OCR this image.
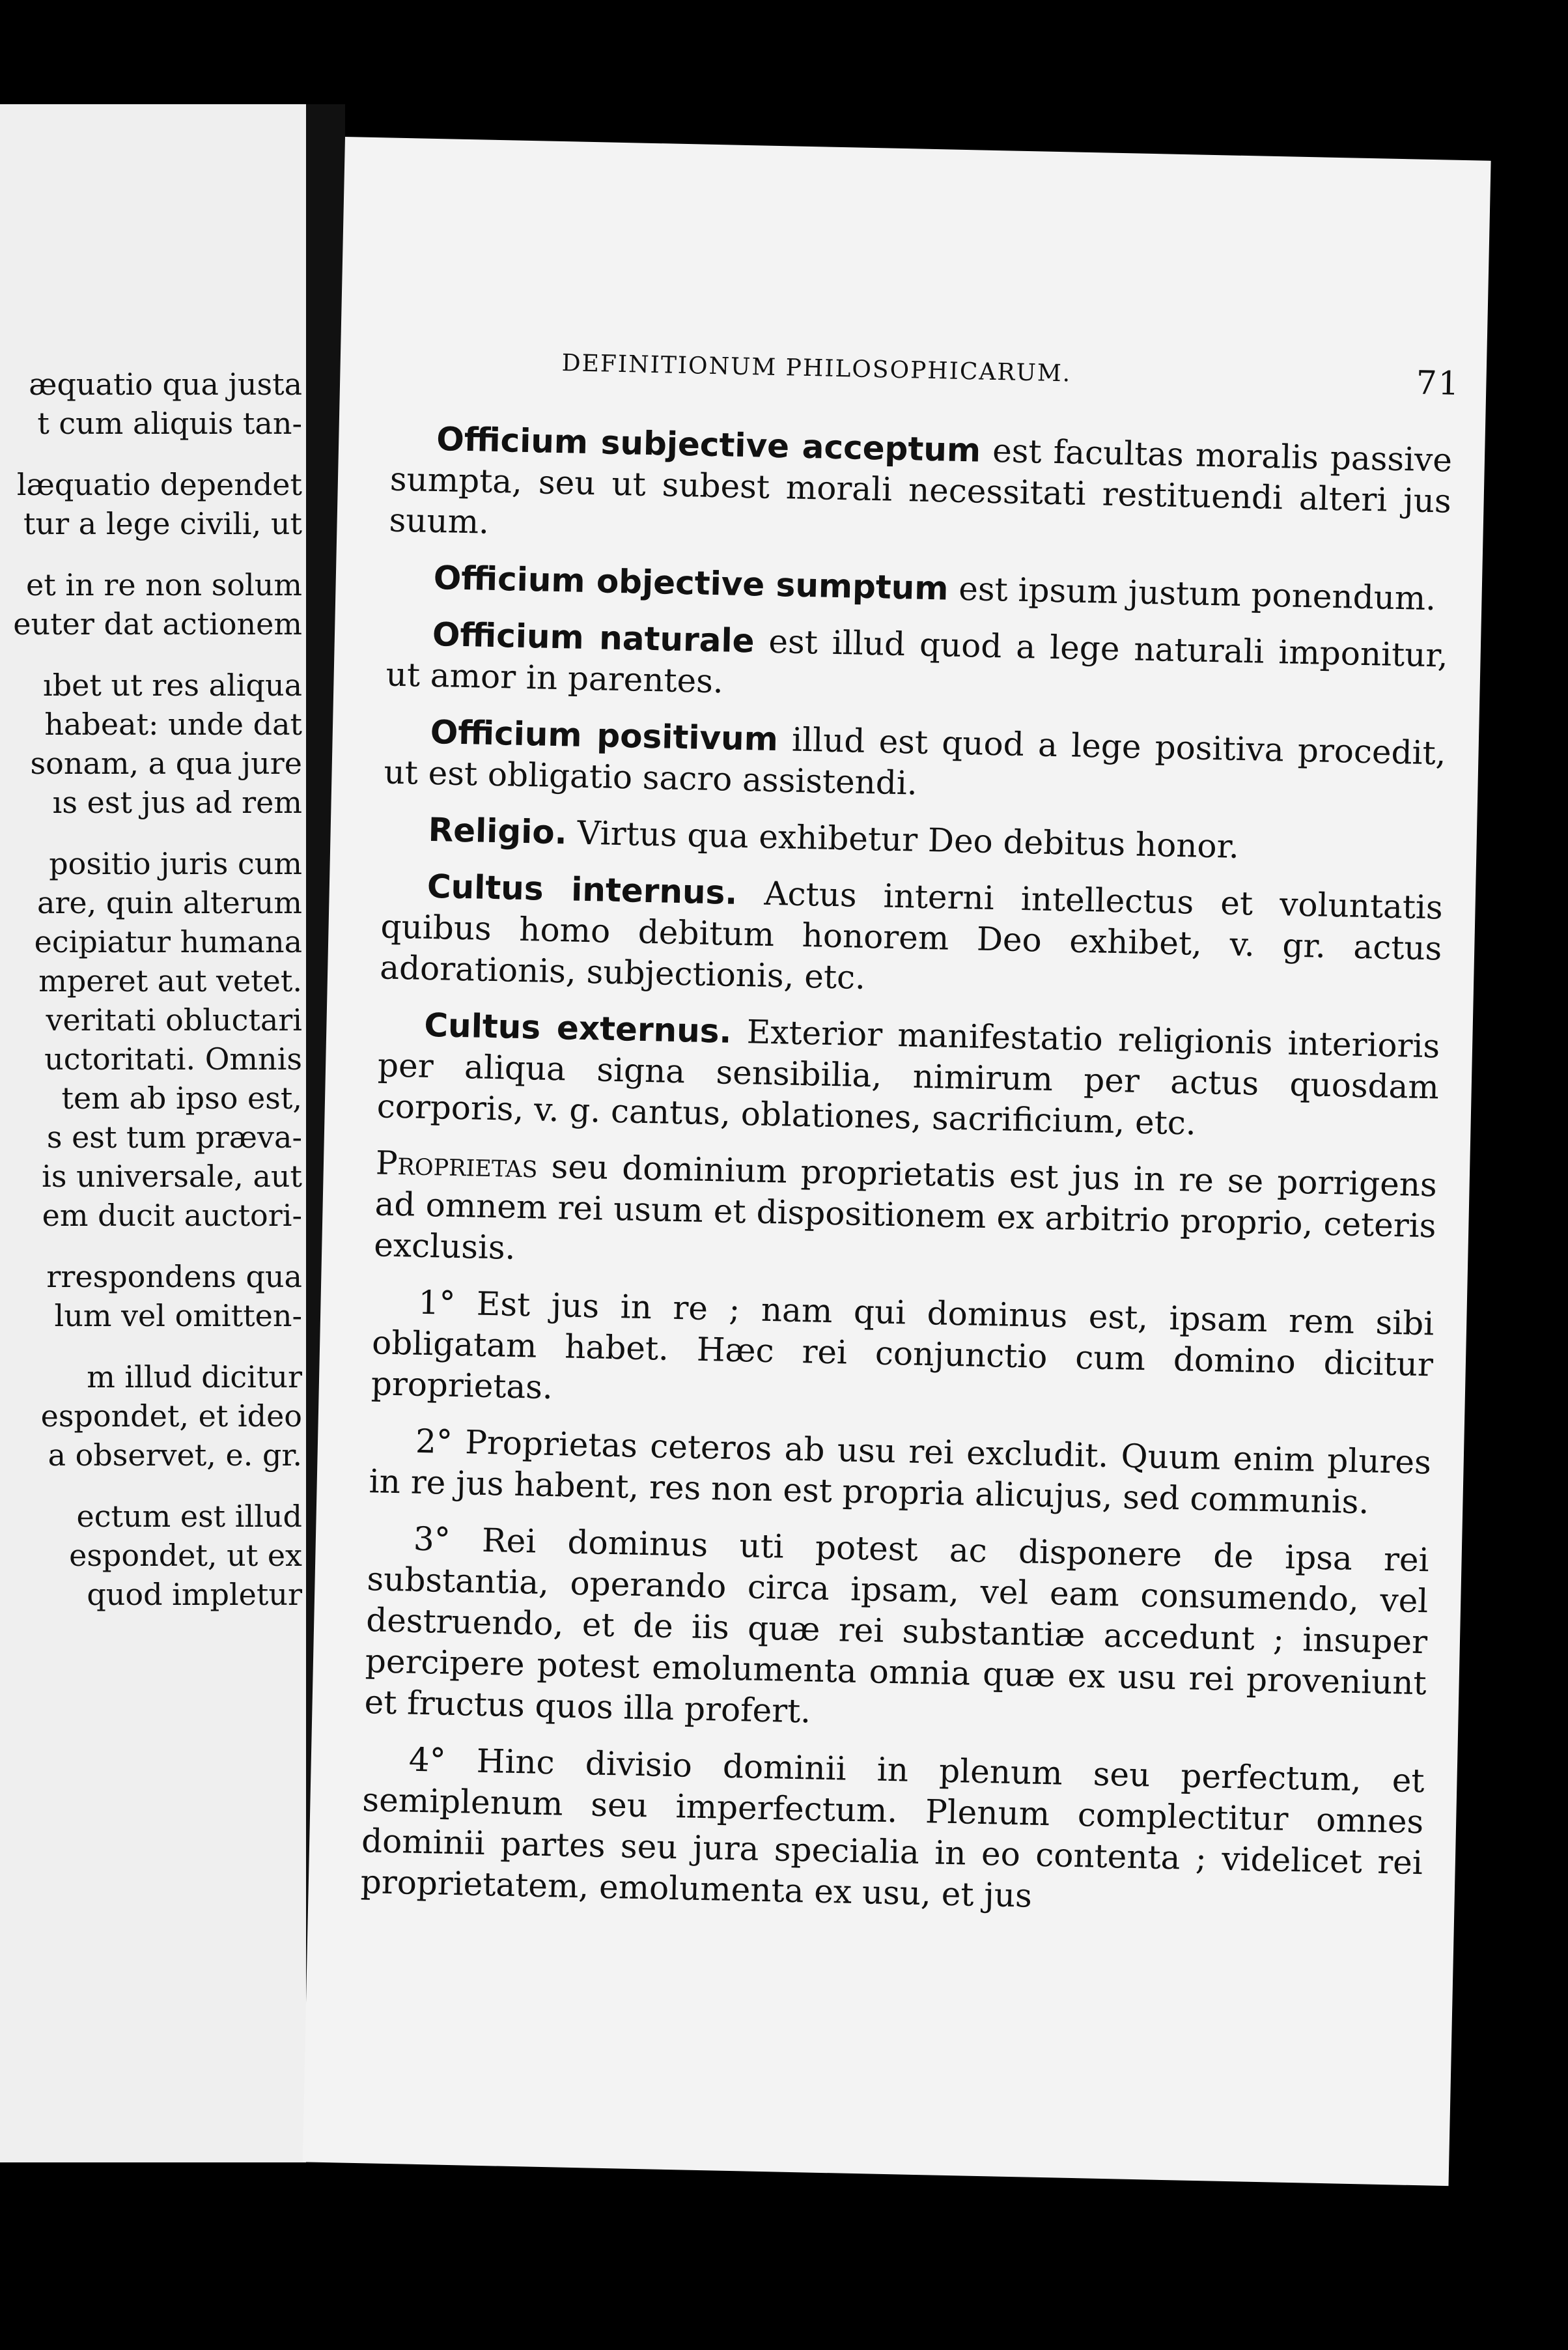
æquatio qua justa
t cum aliquis tan-
læquatio dependet
tur a lege civili, ut
et in re non solum
euter dat actionem
ıbet ut res aliqua
habeat: unde dat
sonam, a qua jure
ıs est jus ad rem
positio juris cum
are, quin alterum
ecipiatur humana
mperet aut vetet.
veritati obluctari
uctoritati. Omnis
tem ab ipso est,
s est tum præva-
is universale, aut
em ducit auctori-
rrespondens qua
lum vel omitten-
m illud dicitur
espondet, et ideo
a observet, e. gr.
ectum est illud
espondet, ut ex
quod impletur
DEFINITIONUM PHILOSOPHICARUM.	71

Officium subjective acceptum est facultas moralis passive sumpta, seu ut subest morali necessitati restituendi alteri jus suum.

Officium objective sumptum est ipsum justum ponendum.

Officium naturale est illud quod a lege naturali imponitur, ut amor in parentes.

Officium positivum illud est quod a lege positiva procedit, ut est obligatio sacro assistendi.

Religio. Virtus qua exhibetur Deo debitus honor.

Cultus internus. Actus interni intellectus et voluntatis quibus homo debitum honorem Deo exhibet, v. gr. actus adorationis, subjectionis, etc.

Cultus externus. Exterior manifestatio religionis interioris per aliqua signa sensibilia, nimirum per actus quosdam corporis, v. g. cantus, oblationes, sacrificium, etc.

Proprietas seu dominium proprietatis est jus in re se porrigens ad omnem rei usum et dispositionem ex arbitrio proprio, ceteris exclusis.

1° Est jus in re ; nam qui dominus est, ipsam rem sibi obligatam habet. Hæc rei conjunctio cum domino dicitur proprietas.

2° Proprietas ceteros ab usu rei excludit. Quum enim plures in re jus habent, res non est propria alicujus, sed communis.

3° Rei dominus uti potest ac disponere de ipsa rei substantia, operando circa ipsam, vel eam consumendo, vel destruendo, et de iis quæ rei substantiæ accedunt ; insuper percipere potest emolumenta omnia quæ ex usu rei proveniunt et fructus quos illa profert.

4° Hinc divisio dominii in plenum seu perfectum, et semiplenum seu imperfectum. Plenum complectitur omnes dominii partes seu jura specialia in eo contenta ; videlicet rei proprietatem, emolumenta ex usu, et jus
